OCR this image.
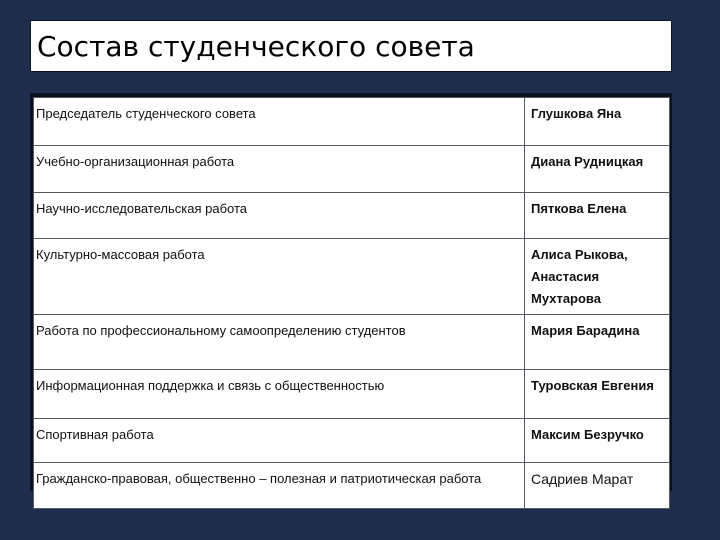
Состав студенческого совета
Председатель студенческого совета	Глушкова Яна

Учебно-организационная работа	Диана Рудницкая

Научно-исследовательская работа	Пяткова Елена

Культурно-массовая работа	Алиса Рыкова,
Анастасия Мухтарова

Работа по профессиональному самоопределению студентов	Мария Барадина

Информационная поддержка и связь с общественностью	Туровская Евгения

Спортивная работа	Максим Безручко

Гражданско-правовая, общественно – полезная и патриотическая работа	Садриев Марат
